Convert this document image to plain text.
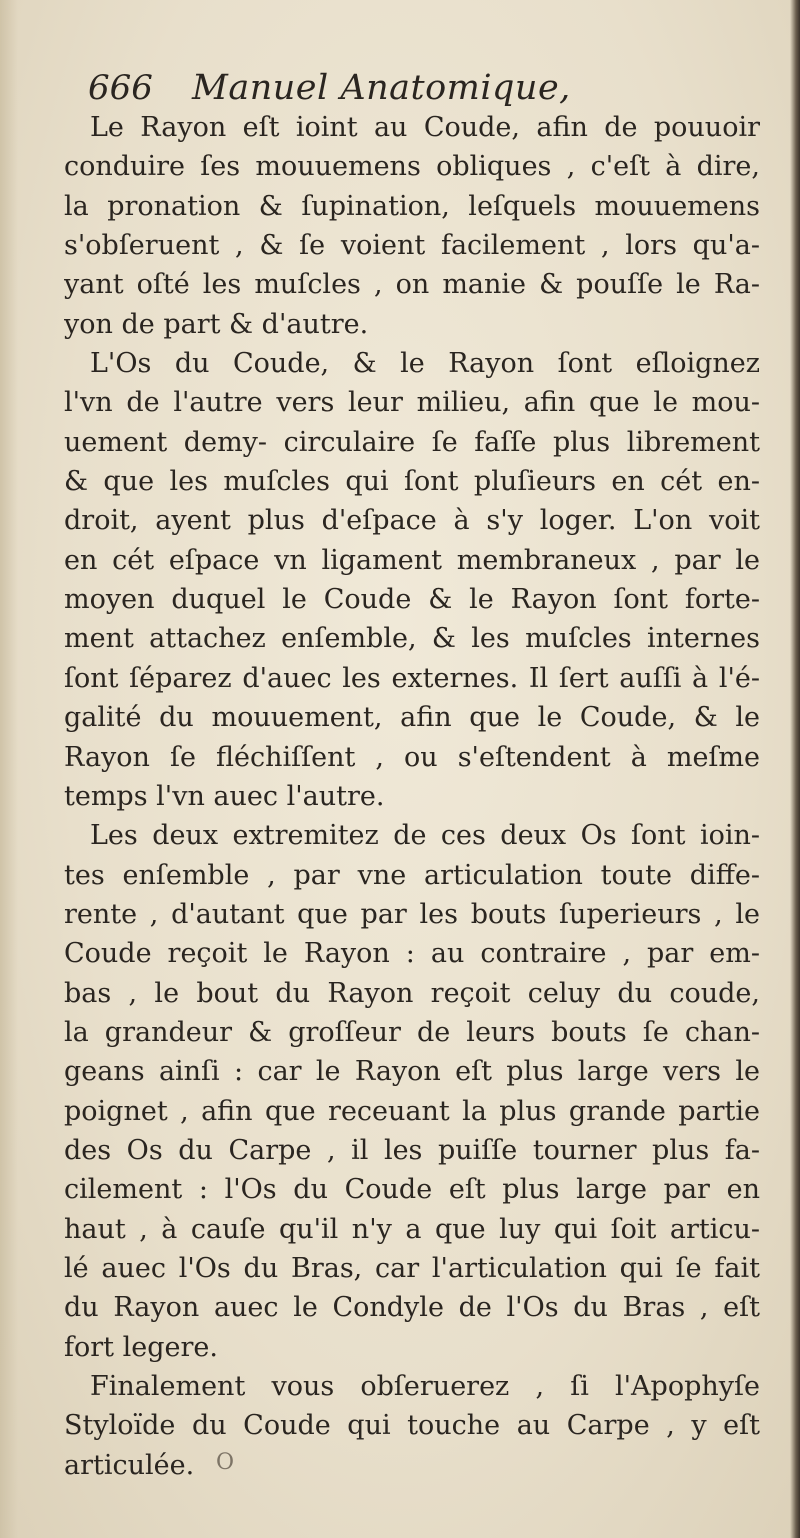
666	Manuel Anatomique,
Le Rayon eſt ioint au Coude, afin de pouuoir
conduire ſes mouuemens obliques , c'eſt à dire,
la pronation & ſupination, leſquels mouuemens
s'obſeruent , & ſe voient facilement , lors qu'a-
yant oſté les muſcles , on manie & pouſſe le Ra-
yon de part & d'autre.
L'Os du Coude, & le Rayon ſont eſloignez
l'vn de l'autre vers leur milieu, afin que le mou-
uement demy- circulaire ſe faſſe plus librement
& que les muſcles qui ſont pluſieurs en cét en-
droit, ayent plus d'eſpace à s'y loger. L'on voit
en cét eſpace vn ligament membraneux , par le
moyen duquel le Coude & le Rayon ſont forte-
ment attachez enſemble, & les muſcles internes
ſont ſéparez d'auec les externes. Il ſert auſſi à l'é-
galité du mouuement, afin que le Coude, & le
Rayon ſe fléchiſſent , ou s'eſtendent à meſme
temps l'vn auec l'autre.
Les deux extremitez de ces deux Os ſont ioin-
tes enſemble , par vne articulation toute diffe-
rente , d'autant que par les bouts ſuperieurs , le
Coude reçoit le Rayon : au contraire , par em-
bas , le bout du Rayon reçoit celuy du coude,
la grandeur & groſſeur de leurs bouts ſe chan-
geans ainſi : car le Rayon eſt plus large vers le
poignet , afin que receuant la plus grande partie
des Os du Carpe , il les puiſſe tourner plus fa-
cilement : l'Os du Coude eſt plus large par en
haut , à cauſe qu'il n'y a que luy qui ſoit articu-
lé auec l'Os du Bras, car l'articulation qui ſe fait
du Rayon auec le Condyle de l'Os du Bras , eſt
fort legere.
Finalement vous obſeruerez , ſi l'Apophyſe
Styloïde du Coude qui touche au Carpe , y eſt
articulée. O
